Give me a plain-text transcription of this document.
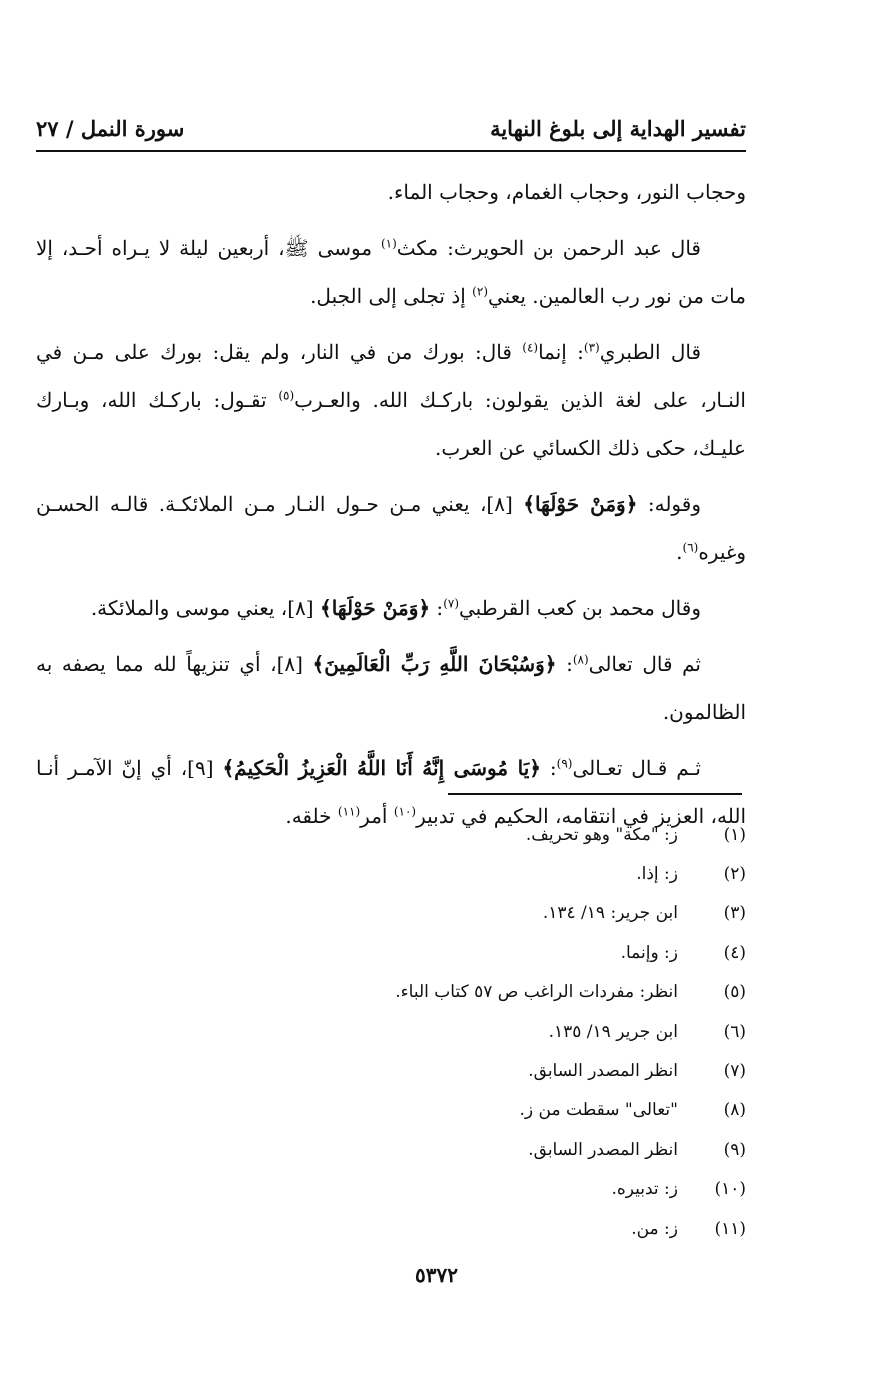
سورة النمل / ٢٧	تفسير الهداية إلى بلوغ النهاية

وحجاب النور، وحجاب الغمام، وحجاب الماء.

قال عبد الرحمن بن الحويرث: مكث$^{(١)}$ موسى ﷺ، أربعين ليلة لا يـراه أحـد، إلا مات من نور رب العالمين. يعني$^{(٢)}$ إذ تجلى إلى الجبل.

قال الطبري$^{(٣)}$: إنما$^{(٤)}$ قال: بورك من في النار، ولم يقل: بورك على مـن في النـار، على لغة الذين يقولون: باركـك الله. والعـرب$^{(٥)}$ تقـول: باركـك الله، وبـارك عليـك، حكى ذلك الكسائي عن العرب.

وقوله: ﴿وَمَنْ حَوْلَهَا﴾ [٨]، يعني مـن حـول النـار مـن الملائكـة. قالـه الحسـن وغيره$^{(٦)}$.

وقال محمد بن كعب القرطبي$^{(٧)}$: ﴿وَمَنْ حَوْلَهَا﴾ [٨]، يعني موسى والملائكة.

ثم قال تعالى$^{(٨)}$: ﴿وَسُبْحَانَ اللَّهِ رَبِّ الْعَالَمِينَ﴾ [٨]، أي تنزيهاً لله مما يصفه به الظالمون.

ثـم قـال تعـالى$^{(٩)}$: ﴿يَا مُوسَى إِنَّهُ أَنَا اللَّهُ الْعَزِيزُ الْحَكِيمُ﴾ [٩]، أي إنّ الآمـر أنـا الله، العزيز في انتقامه، الحكيم في تدبير$^{(١٠)}$ أمر$^{(١١)}$ خلقه.

(١)
ز: "مكة" وهو تحريف.
(٢)
ز: إذا.
(٣)
ابن جرير: ١٩/ ١٣٤.
(٤)
ز: وإنما.
(٥)
انظر: مفردات الراغب ص ٥٧ كتاب الباء.
(٦)
ابن جرير ١٩/ ١٣٥.
(٧)
انظر المصدر السابق.
(٨)
"تعالى" سقطت من ز.
(٩)
انظر المصدر السابق.
(١٠)
ز: تدبيره.
(١١)
ز: من.
٥٣٧٢
